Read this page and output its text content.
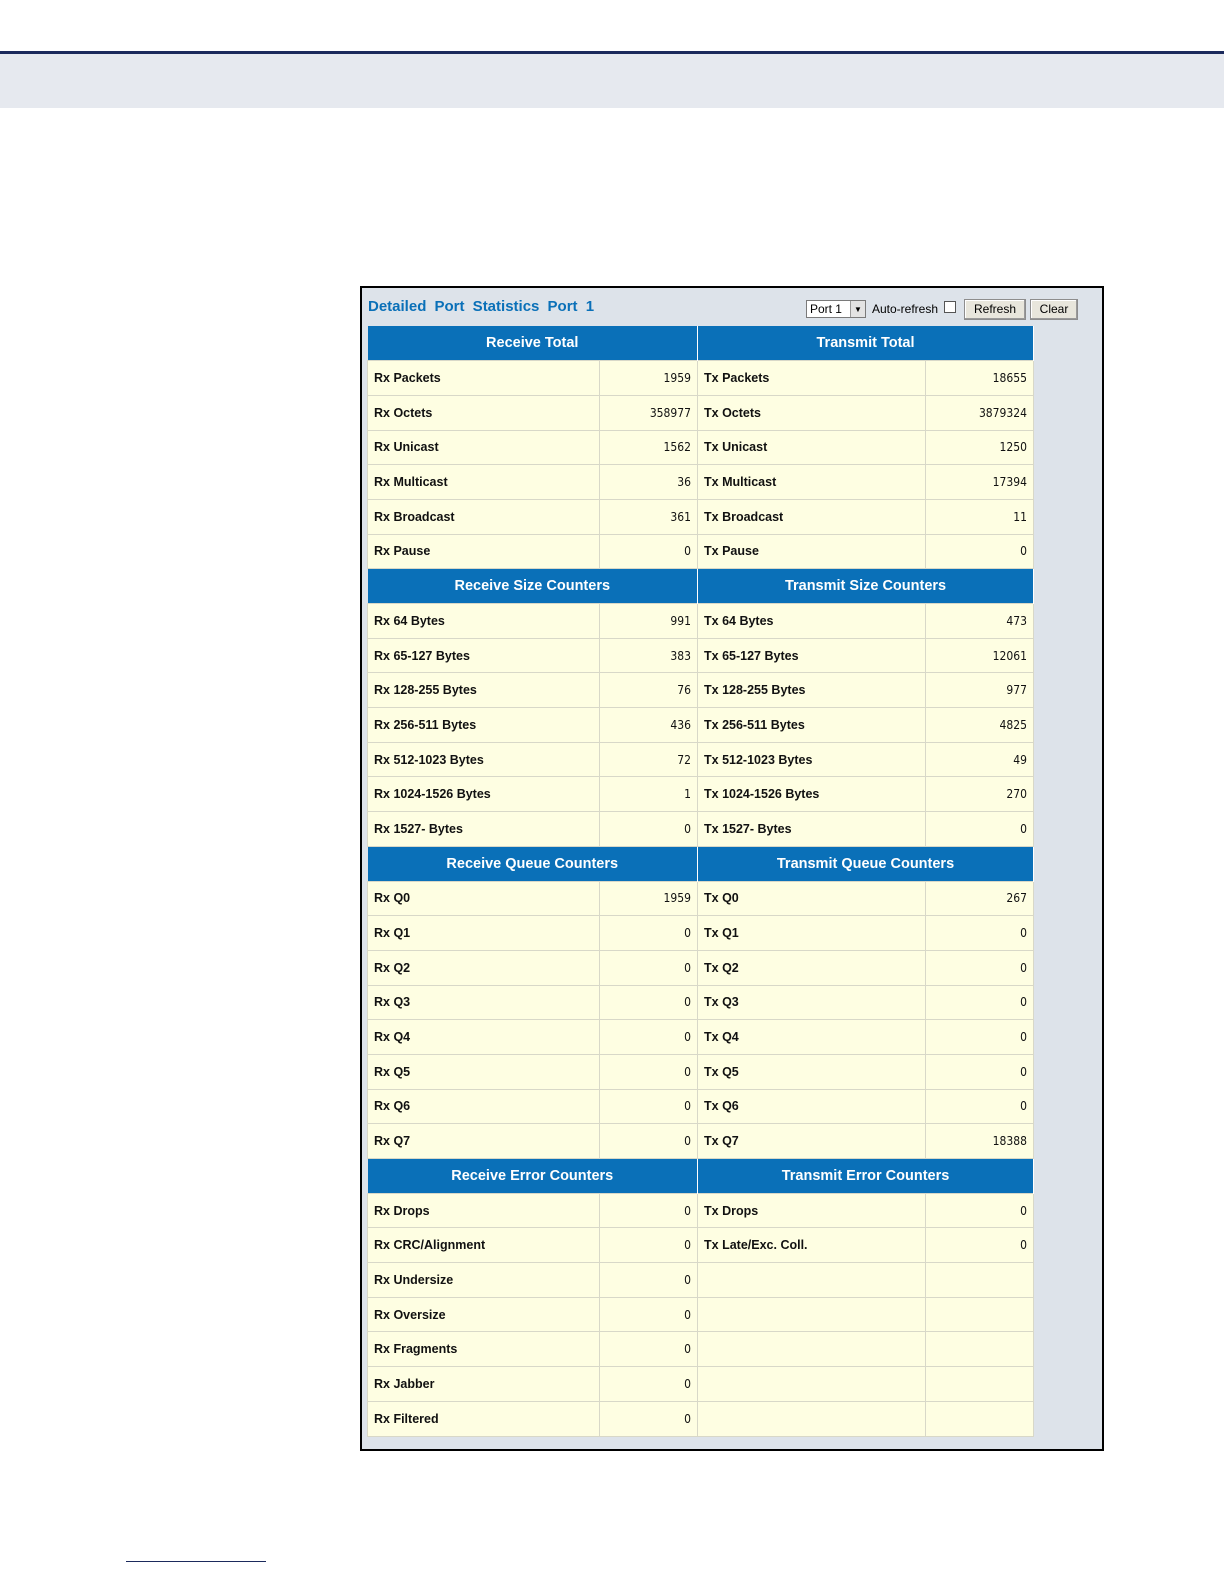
Detailed Port Statistics Port 1	Port 1	▼ Auto-refresh	Refresh	Clear
Receive Total		Transmit Total	
Rx Packets	1959	Tx Packets	18655
Rx Octets	358977	Tx Octets	3879324
Rx Unicast	1562	Tx Unicast	1250
Rx Multicast	36	Tx Multicast	17394
Rx Broadcast	361	Tx Broadcast	11
Rx Pause	0	Tx Pause	0
Receive Size Counters		Transmit Size Counters	
Rx 64 Bytes	991	Tx 64 Bytes	473
Rx 65-127 Bytes	383	Tx 65-127 Bytes	12061
Rx 128-255 Bytes	76	Tx 128-255 Bytes	977
Rx 256-511 Bytes	436	Tx 256-511 Bytes	4825
Rx 512-1023 Bytes	72	Tx 512-1023 Bytes	49
Rx 1024-1526 Bytes	1	Tx 1024-1526 Bytes	270
Rx 1527- Bytes	0	Tx 1527- Bytes	0
Receive Queue Counters		Transmit Queue Counters	
Rx Q0	1959	Tx Q0	267
Rx Q1	0	Tx Q1	0
Rx Q2	0	Tx Q2	0
Rx Q3	0	Tx Q3	0
Rx Q4	0	Tx Q4	0
Rx Q5	0	Tx Q5	0
Rx Q6	0	Tx Q6	0
Rx Q7	0	Tx Q7	18388
Receive Error Counters		Transmit Error Counters	
Rx Drops	0	Tx Drops	0
Rx CRC/Alignment	0	Tx Late/Exc. Coll.	0
Rx Undersize	0		
Rx Oversize	0		
Rx Fragments	0		
Rx Jabber	0		
Rx Filtered	0		
